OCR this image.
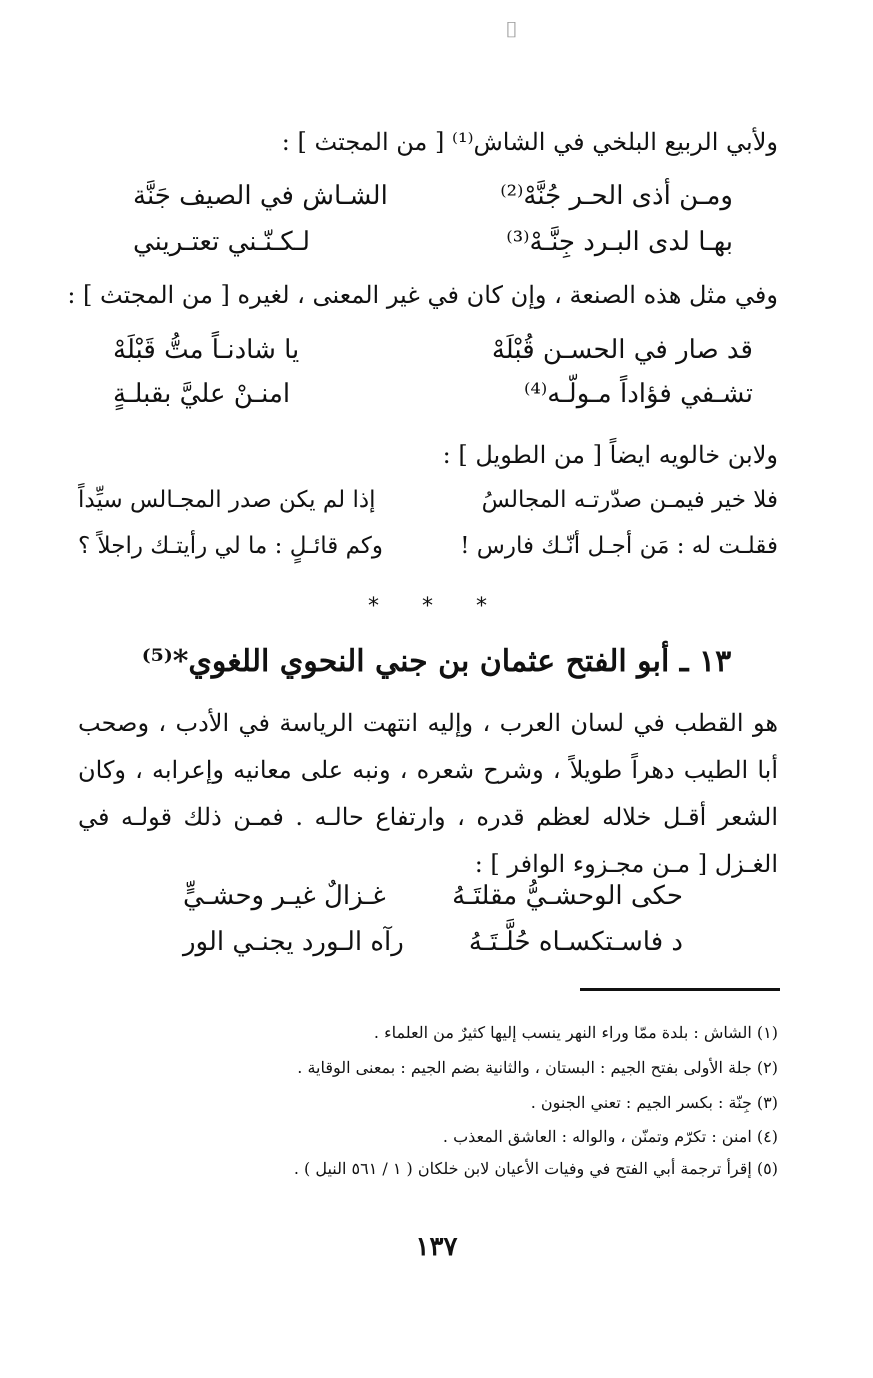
⌷
ولأبي الربيع البلخي في الشاش⁽¹⁾ [ من المجتث ] :
الشـاش في الصيف جَنَّة	ومـن أذى الحـر جُنَّهْ⁽²⁾
لـكـنّـني تعتـريني	بهـا لدى البـرد جِنَّـهْ⁽³⁾
وفي مثل هذه الصنعة ، وإن كان في غير المعنى ، لغيره [ من المجتث ] :
يا شادنـاً متُّ قَبْلَهْ	قد صار في الحسـن قُبْلَهْ
امنـنْ عليَّ بقبلـةٍ	تشـفي فؤاداً مـولّـه⁽⁴⁾
ولابن خالويه ايضاً [ من الطويل ] :
إذا لم يكن صدر المجـالس سيِّداً	فلا خير فيمـن صدّرتـه المجالسُ
وكم قائـلٍ : ما لي رأيتـك راجلاً ؟	فقلـت له : مَن أجـل أنّـك فارس !
* * *
١٣ ـ أبو الفتح عثمان بن جني النحوي اللغوي*⁽⁵⁾
هو القطب في لسان العرب ، وإليه انتهت الرياسة في الأدب ، وصحب أبا الطيب دهراً طويلاً ، وشرح شعره ، ونبه على معانيه وإعرابه ، وكان الشعر أقـل خلاله لعظم قدره ، وارتفاع حالـه . فمـن ذلك قولـه في الغـزل [ مـن مجـزوء الوافر ] :
غـزالٌ غيـر وحشـيٍّ	حكى الوحشـيُّ مقلتَـهُ
رآه الـورد يجنـي الور	د فاسـتكسـاه حُلَّـتَـهُ
(١) الشاش : بلدة ممّا وراء النهر ينسب إليها كثيرٌ من العلماء .
(٢) جلة الأولى بفتح الجيم : البستان ، والثانية بضم الجيم : بمعنى الوقاية .
(٣) جِنّة : بكسر الجيم : تعني الجنون .
(٤) امنن : تكرّم وتمنّن ، والواله : العاشق المعذب .
(٥) إقرأ ترجمة أبي الفتح في وفيات الأعيان لابن خلكان ( ١ / ٥٦١ النيل ) .
١٣٧
